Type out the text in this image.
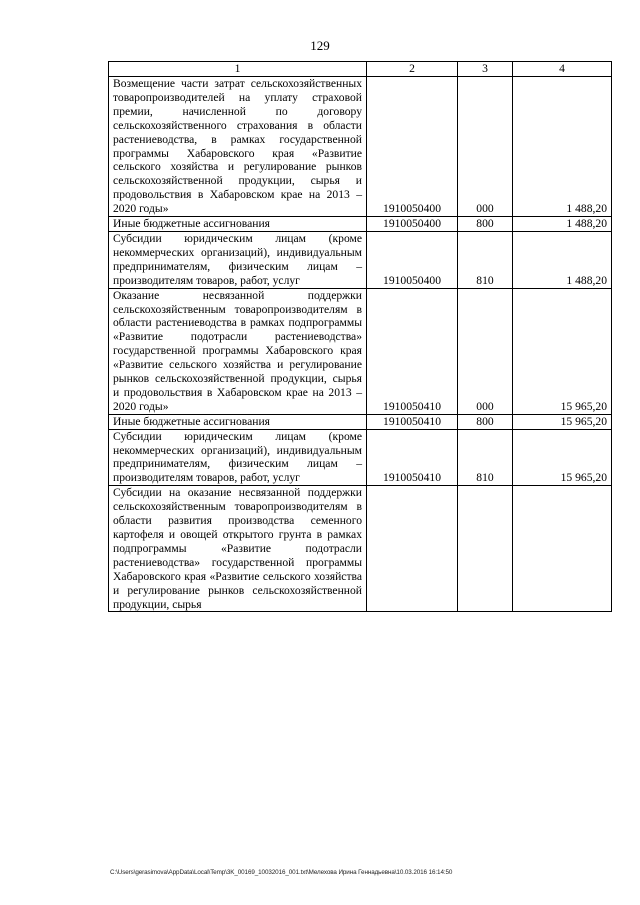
129
1	2	3	4
Возмещение части затрат сельскохозяйственных товаропроизводителей на уплату страховой премии, начисленной по договору сельскохозяйственного страхования в области растениеводства, в рамках государственной программы Хабаровского края «Развитие сельского хозяйства и регулирование рынков сельскохозяйственной продукции, сырья и продовольствия в Хабаровском крае на 2013 – 2020 годы»	1910050400	000	1 488,20
Иные бюджетные ассигнования	1910050400	800	1 488,20
Субсидии юридическим лицам (кроме некоммерческих организаций), индивидуальным предпринимателям, физическим лицам – производителям товаров, работ, услуг	1910050400	810	1 488,20
Оказание несвязанной поддержки сельскохозяйственным товаропроизводителям в области растениеводства в рамках подпрограммы «Развитие подотрасли растениеводства» государственной программы Хабаровского края «Развитие сельского хозяйства и регулирование рынков сельскохозяйственной продукции, сырья и продовольствия в Хабаровском крае на 2013 – 2020 годы»	1910050410	000	15 965,20
Иные бюджетные ассигнования	1910050410	800	15 965,20
Субсидии юридическим лицам (кроме некоммерческих организаций), индивидуальным предпринимателям, физическим лицам – производителям товаров, работ, услуг	1910050410	810	15 965,20
Субсидии на оказание несвязанной поддержки сельскохозяйственным товаропроизводителям в области развития производства семенного картофеля и овощей открытого грунта в рамках подпрограммы «Развитие подотрасли растениеводства» государственной программы Хабаровского края «Развитие сельского хозяйства и регулирование рынков сельскохозяйственной продукции, сырья			
C:\Users\gerasimova\AppData\Local\Temp\3K_00169_10032016_001.txt\Мелехова Ирина Геннадьевна\10.03.2016 16:14:50
